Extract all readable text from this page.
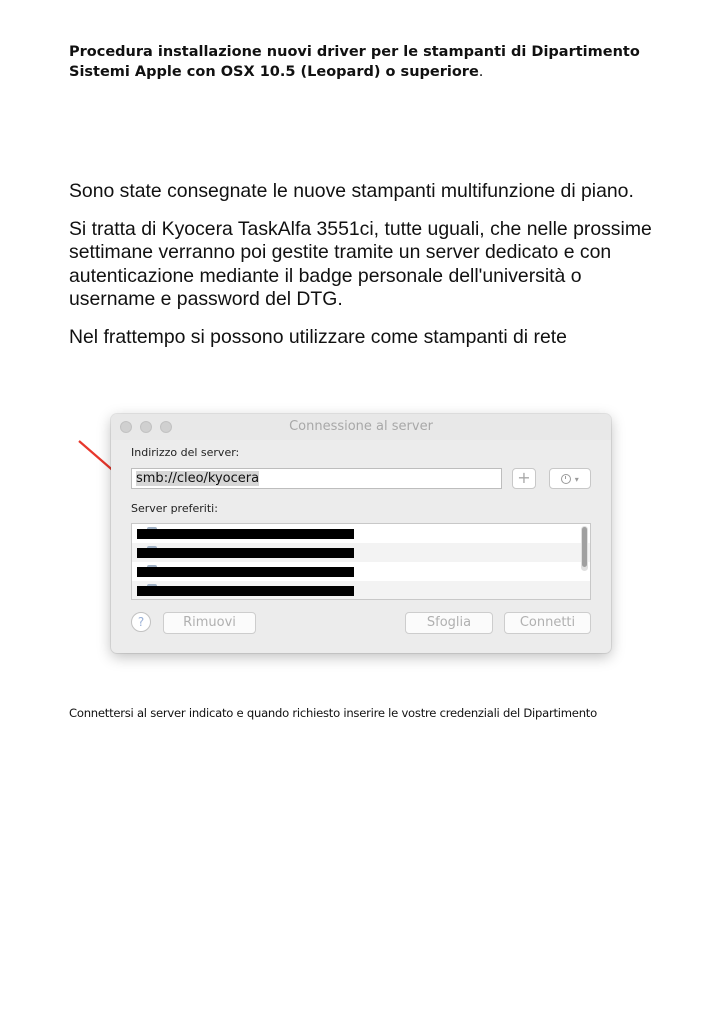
Procedura installazione nuovi driver per le stampanti di Dipartimento
Sistemi Apple con OSX 10.5 (Leopard) o superiore.

Sono state consegnate le nuove stampanti multifunzione di piano.

Si tratta di Kyocera TaskAlfa 3551ci, tutte uguali, che nelle prossime settimane verranno poi gestite tramite un server dedicato e con autenticazione mediante il badge personale dell'università o username e password del DTG.

Nel frattempo si possono utilizzare come stampanti di rete

Connessione al server
Indirizzo del server:
smb://cleo/kyocera	+	▾
Server preferiti:
?	Rimuovi	Sfoglia	Connetti
Connettersi al server indicato e quando richiesto inserire le vostre credenziali del Dipartimento
